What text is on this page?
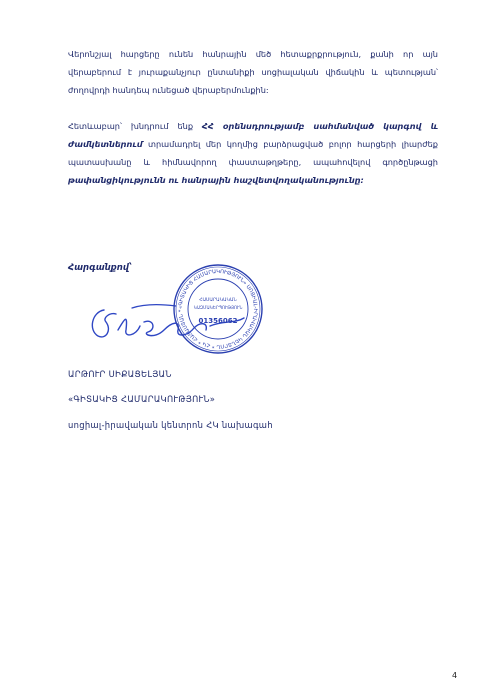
Վերոնշյալ հարցերը ունեն հանրային մեծ հետաքրքրություն, քանի որ այն վերաբերում է յուրաքանչյուր ընտանիքի սոցիալական վիճակին և պետության՝ ժողովրդի հանդեպ ունեցած վերաբերմունքին:

Հետևաբար՝ խնդրում ենք ՀՀ օրենսդրությամբ սահմանված կարգով և ժամկետներում տրամադրել մեր կողմից բարձրացված բոլոր հարցերի լիարժեք պատասխանը և հիմնավորող փաստաթղթերը, ապահովելով գործընթացի թափանցիկությունն ու հանրային հաշվետվողականությունը:

Հարգանքով՝
«ԳԻՏԱԿԻՑ ՀԱՄԱՐԱԿՈՒԹՅՈՒՆ» ՍՈՑԻԱԼ-ԻՐԱՎԱԿԱՆ ԿԵՆՏՐՈՆ * ՀԿ * ՀԱՅԱՍՏԱՆ *
ՀԱՍԱՐԱԿԱԿԱՆ
ԿԱԶՄԱԿԵՐՊՈՒԹՅՈՒՆ
01356062
ԱՐԹՈՒՐ ՍԻՔԱՑԵԼՅԱՆ
«ԳԻՏԱԿԻՑ ՀԱՄԱՐԱԿՈՒԹՅՈՒՆ»
սոցիալ-իրավական կենտրոն ՀԿ նախագահ
4
